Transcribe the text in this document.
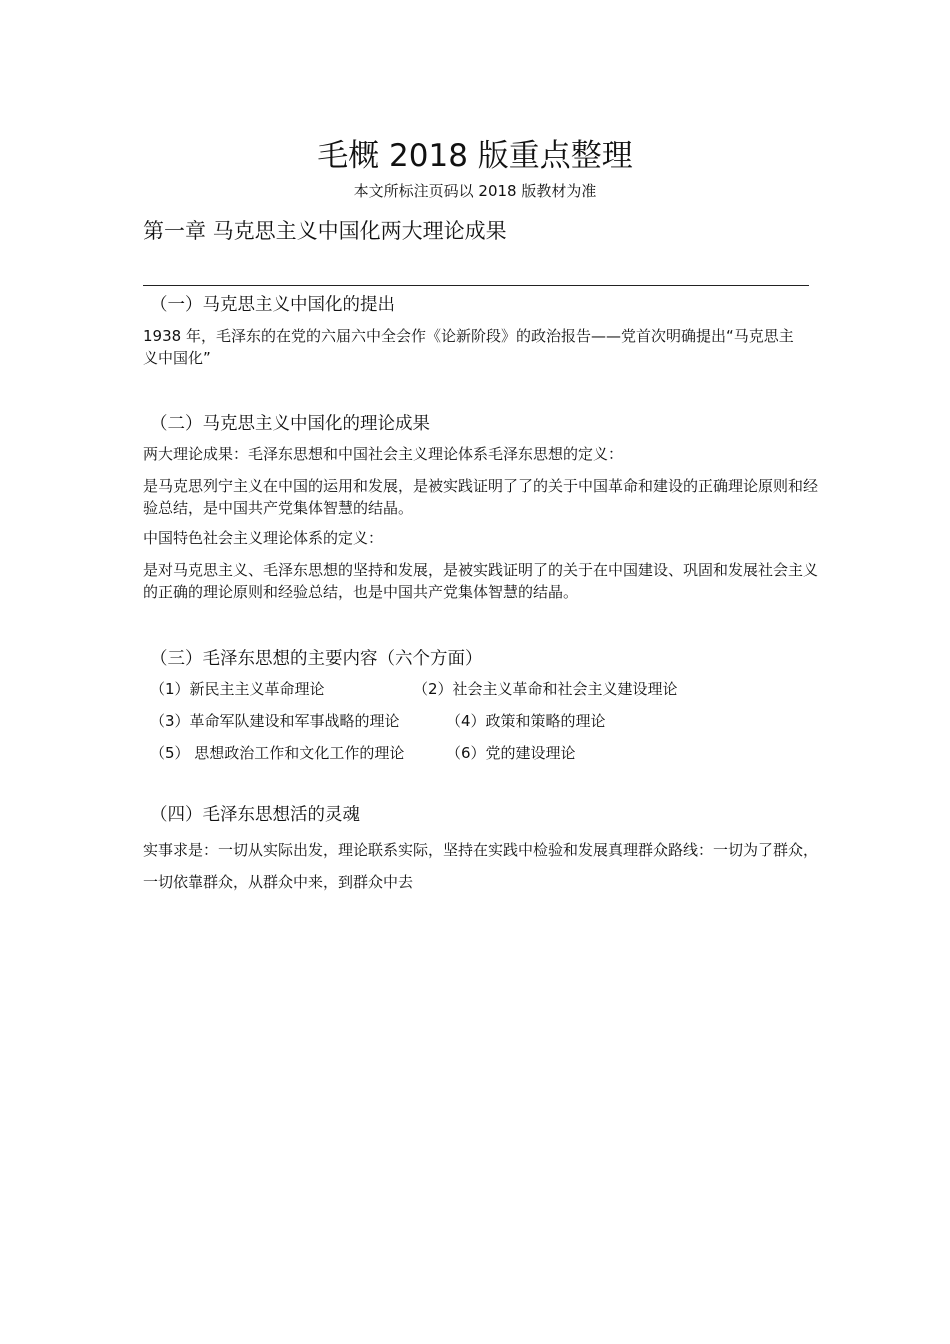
毛概 2018 版重点整理
本文所标注页码以 2018 版教材为准
第一章 马克思主义中国化两大理论成果
（一）马克思主义中国化的提出
1938 年，毛泽东的在党的六届六中全会作《论新阶段》的政治报告——党首次明确提出“马克思主义中国化”
（二）马克思主义中国化的理论成果
两大理论成果：毛泽东思想和中国社会主义理论体系毛泽东思想的定义：
是马克思列宁主义在中国的运用和发展，是被实践证明了了的关于中国革命和建设的正确理论原则和经验总结，是中国共产党集体智慧的结晶。
中国特色社会主义理论体系的定义：
是对马克思主义、毛泽东思想的坚持和发展，是被实践证明了的关于在中国建设、巩固和发展社会主义的正确的理论原则和经验总结，也是中国共产党集体智慧的结晶。
（三）毛泽东思想的主要内容（六个方面）
（1）新民主主义革命理论	（2）社会主义革命和社会主义建设理论
（3）革命军队建设和军事战略的理论	（4）政策和策略的理论
（5） 思想政治工作和文化工作的理论	（6）党的建设理论
（四）毛泽东思想活的灵魂
实事求是：一切从实际出发，理论联系实际，坚持在实践中检验和发展真理群众路线：一切为了群众，一切依靠群众，从群众中来，到群众中去
